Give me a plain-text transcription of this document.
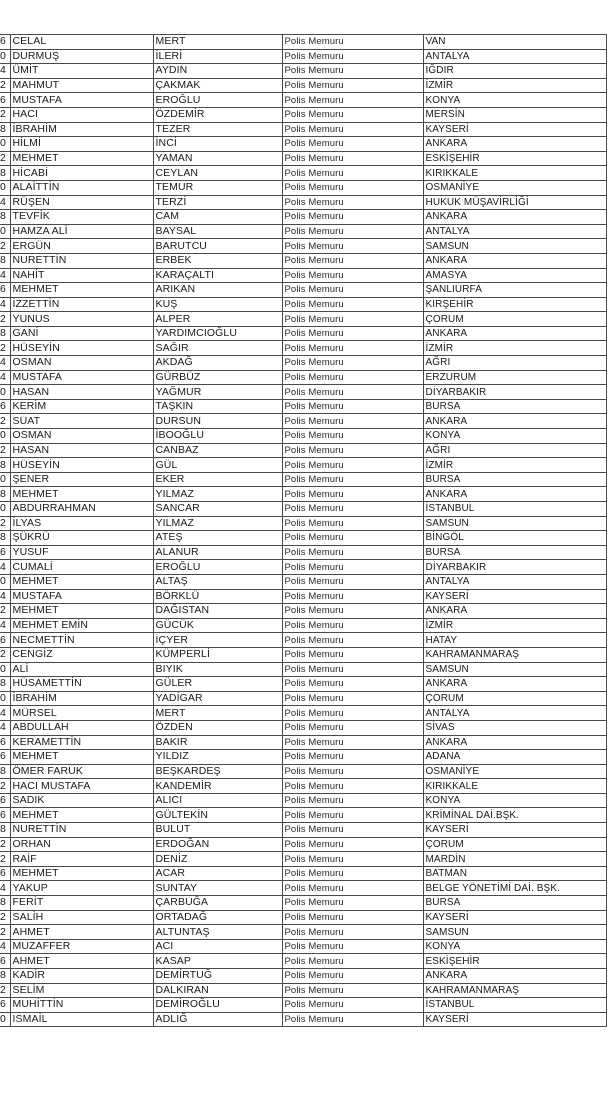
6	CELAL	MERT	Polis Memuru	VAN
0	DURMUŞ	İLERİ	Polis Memuru	ANTALYA
4	ÜMİT	AYDIN	Polis Memuru	IĞDIR
2	MAHMUT	ÇAKMAK	Polis Memuru	İZMİR
6	MUSTAFA	EROĞLU	Polis Memuru	KONYA
2	HACI	ÖZDEMİR	Polis Memuru	MERSİN
8	İBRAHİM	TEZER	Polis Memuru	KAYSERİ
0	HİLMİ	İNCİ	Polis Memuru	ANKARA
2	MEHMET	YAMAN	Polis Memuru	ESKİŞEHİR
8	HİCABİ	CEYLAN	Polis Memuru	KIRIKKALE
0	ALAİTTİN	TEMUR	Polis Memuru	OSMANİYE
4	RÜŞEN	TERZİ	Polis Memuru	HUKUK MÜŞAVİRLİĞİ
8	TEVFİK	CAM	Polis Memuru	ANKARA
0	HAMZA ALİ	BAYSAL	Polis Memuru	ANTALYA
2	ERGÜN	BARUTCU	Polis Memuru	SAMSUN
8	NURETTİN	ERBEK	Polis Memuru	ANKARA
4	NAHİT	KARAÇALTI	Polis Memuru	AMASYA
6	MEHMET	ARIKAN	Polis Memuru	ŞANLIURFA
4	İZZETTİN	KUŞ	Polis Memuru	KIRŞEHİR
2	YUNUS	ALPER	Polis Memuru	ÇORUM
8	GANİ	YARDIMCIOĞLU	Polis Memuru	ANKARA
2	HÜSEYİN	SAĞIR	Polis Memuru	İZMİR
4	OSMAN	AKDAĞ	Polis Memuru	AĞRI
4	MUSTAFA	GÜRBÜZ	Polis Memuru	ERZURUM
0	HASAN	YAĞMUR	Polis Memuru	DİYARBAKIR
6	KERİM	TAŞKIN	Polis Memuru	BURSA
2	SUAT	DURSUN	Polis Memuru	ANKARA
0	OSMAN	İBOOĞLU	Polis Memuru	KONYA
2	HASAN	CANBAZ	Polis Memuru	AĞRI
8	HÜSEYİN	GÜL	Polis Memuru	İZMİR
0	ŞENER	EKER	Polis Memuru	BURSA
8	MEHMET	YILMAZ	Polis Memuru	ANKARA
0	ABDURRAHMAN	SANCAR	Polis Memuru	İSTANBUL
2	İLYAS	YILMAZ	Polis Memuru	SAMSUN
8	ŞÜKRÜ	ATEŞ	Polis Memuru	BİNGÖL
6	YUSUF	ALANUR	Polis Memuru	BURSA
4	CUMALİ	EROĞLU	Polis Memuru	DİYARBAKIR
0	MEHMET	ALTAŞ	Polis Memuru	ANTALYA
4	MUSTAFA	BÖRKLÜ	Polis Memuru	KAYSERİ
2	MEHMET	DAĞISTAN	Polis Memuru	ANKARA
4	MEHMET EMİN	GÜCÜK	Polis Memuru	İZMİR
6	NECMETTİN	İÇYER	Polis Memuru	HATAY
2	CENGİZ	KÜMPERLİ	Polis Memuru	KAHRAMANMARAŞ
0	ALİ	BIYIK	Polis Memuru	SAMSUN
8	HÜSAMETTİN	GÜLER	Polis Memuru	ANKARA
0	İBRAHİM	YADİGAR	Polis Memuru	ÇORUM
4	MÜRSEL	MERT	Polis Memuru	ANTALYA
4	ABDULLAH	ÖZDEN	Polis Memuru	SİVAS
6	KERAMETTİN	BAKIR	Polis Memuru	ANKARA
6	MEHMET	YILDIZ	Polis Memuru	ADANA
8	ÖMER FARUK	BEŞKARDEŞ	Polis Memuru	OSMANİYE
2	HACI MUSTAFA	KANDEMİR	Polis Memuru	KIRIKKALE
6	SADIK	ALICI	Polis Memuru	KONYA
6	MEHMET	GÜLTEKİN	Polis Memuru	KRİMİNAL DAİ.BŞK.
8	NURETTİN	BULUT	Polis Memuru	KAYSERİ
2	ORHAN	ERDOĞAN	Polis Memuru	ÇORUM
2	RAİF	DENİZ	Polis Memuru	MARDİN
6	MEHMET	ACAR	Polis Memuru	BATMAN
4	YAKUP	SUNTAY	Polis Memuru	BELGE YÖNETİMİ DAİ. BŞK.
8	FERİT	ÇARBUĞA	Polis Memuru	BURSA
2	SALİH	ORTADAĞ	Polis Memuru	KAYSERİ
2	AHMET	ALTUNTAŞ	Polis Memuru	SAMSUN
4	MUZAFFER	ACI	Polis Memuru	KONYA
6	AHMET	KASAP	Polis Memuru	ESKİŞEHİR
8	KADİR	DEMİRTUĞ	Polis Memuru	ANKARA
2	SELİM	DALKIRAN	Polis Memuru	KAHRAMANMARAŞ
6	MUHİTTİN	DEMİROĞLU	Polis Memuru	İSTANBUL
0	ISMAİL	ADLIĞ	Polis Memuru	KAYSERİ
